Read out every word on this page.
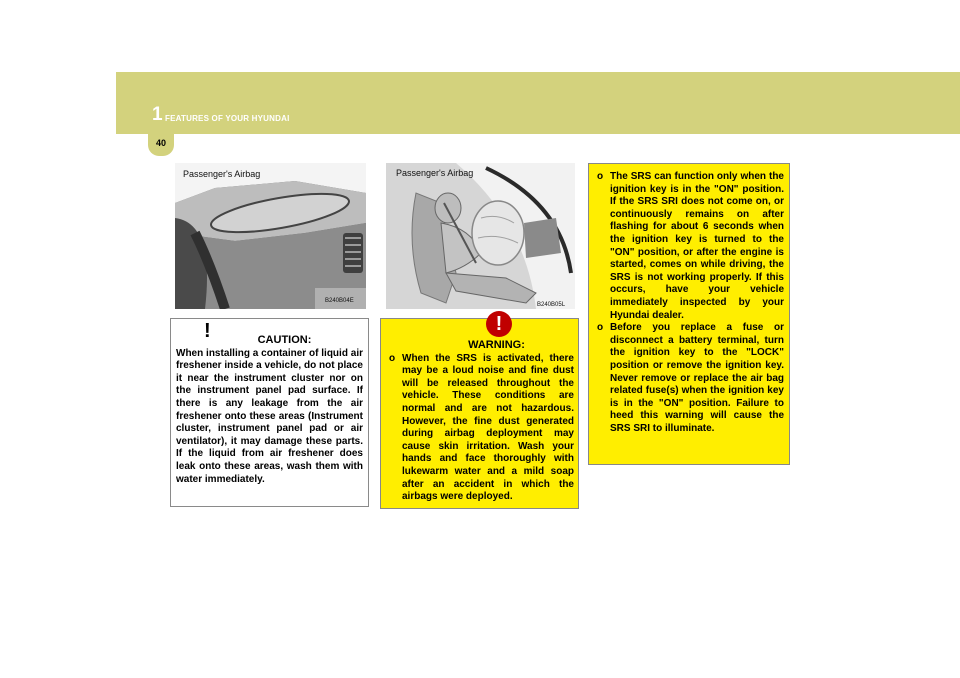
1 FEATURES OF YOUR HYUNDAI
40
Passenger's Airbag
B240B04E
Passenger's Airbag
B240B05L
!	CAUTION:
When installing a container of liquid air freshener inside a vehicle, do not place it near the instrument cluster nor on the instrument panel pad surface. If there is any leakage from the air freshener onto these areas (Instrument cluster, instrument panel pad or air ventilator), it may damage these parts. If the liquid from air freshener does leak onto these areas, wash them with water immediately.
!
WARNING:
o When the SRS is activated, there may be a loud noise and fine dust will be released throughout the vehicle. These conditions are normal and are not hazardous. However, the fine dust generated during airbag deployment may cause skin irritation. Wash your hands and face thoroughly with lukewarm water and a mild soap after an accident in which the airbags were deployed.
o The SRS can function only when the ignition key is in the "ON" position. If the SRS SRI does not come on, or continuously remains on after flashing for about 6 seconds when the ignition key is turned to the "ON" position, or after the engine is started, comes on while driving, the SRS is not working properly. If this occurs, have your vehicle immediately inspected by your Hyundai dealer.
o Before you replace a fuse or disconnect a battery terminal, turn the ignition key to the "LOCK" position or remove the ignition key. Never remove or replace the air bag related fuse(s) when the ignition key is in the "ON" position. Failure to heed this warning will cause the SRS SRI to illuminate.
